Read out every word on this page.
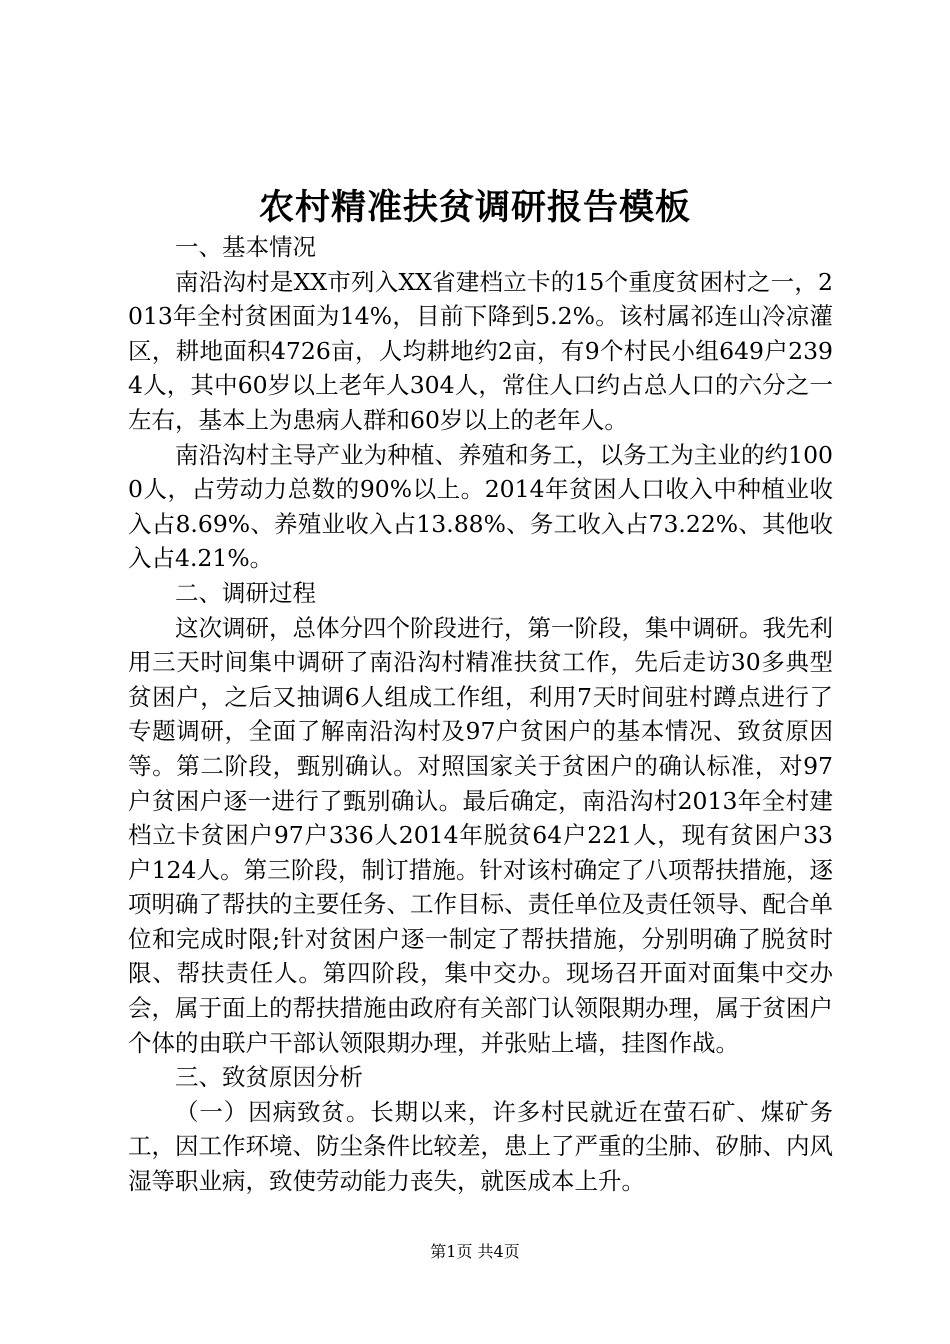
农村精准扶贫调研报告模板

一、基本情况

南沿沟村是XX市列入XX省建档立卡的15个重度贫困村之一，2013年全村贫困面为14%，目前下降到5.2%。该村属祁连山冷凉灌区，耕地面积4726亩，人均耕地约2亩，有9个村民小组649户2394人，其中60岁以上老年人304人，常住人口约占总人口的六分之一左右，基本上为患病人群和60岁以上的老年人。

南沿沟村主导产业为种植、养殖和务工，以务工为主业的约1000人，占劳动力总数的90%以上。2014年贫困人口收入中种植业收入占8.69%、养殖业收入占13.88%、务工收入占73.22%、其他收入占4.21%。

二、调研过程

这次调研，总体分四个阶段进行，第一阶段，集中调研。我先利用三天时间集中调研了南沿沟村精准扶贫工作，先后走访30多典型贫困户，之后又抽调6人组成工作组，利用7天时间驻村蹲点进行了专题调研，全面了解南沿沟村及97户贫困户的基本情况、致贫原因等。第二阶段，甄别确认。对照国家关于贫困户的确认标准，对97户贫困户逐一进行了甄别确认。最后确定，南沿沟村2013年全村建档立卡贫困户97户336人2014年脱贫64户221人，现有贫困户33户124人。第三阶段，制订措施。针对该村确定了八项帮扶措施，逐项明确了帮扶的主要任务、工作目标、责任单位及责任领导、配合单位和完成时限;针对贫困户逐一制定了帮扶措施，分别明确了脱贫时限、帮扶责任人。第四阶段，集中交办。现场召开面对面集中交办会，属于面上的帮扶措施由政府有关部门认领限期办理，属于贫困户个体的由联户干部认领限期办理，并张贴上墙，挂图作战。

三、致贫原因分析

（一）因病致贫。长期以来，许多村民就近在萤石矿、煤矿务工，因工作环境、防尘条件比较差，患上了严重的尘肺、矽肺、内风湿等职业病，致使劳动能力丧失，就医成本上升。

第1页 共4页
